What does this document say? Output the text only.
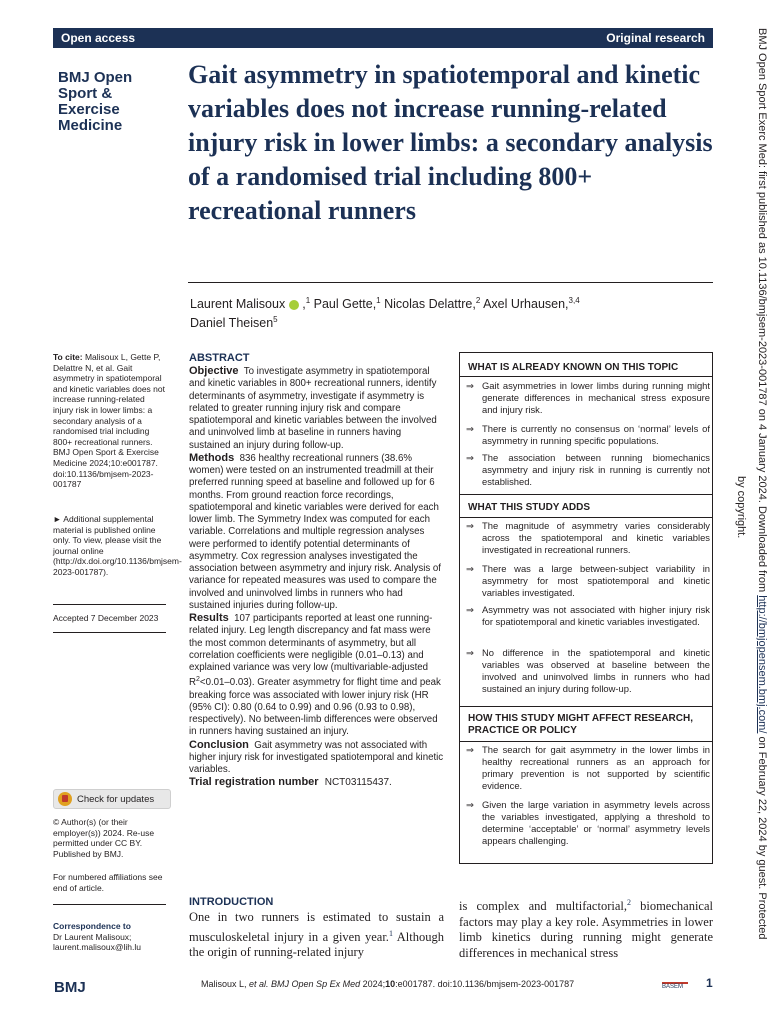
Open access	Original research
BMJ Open
Sport &
Exercise
Medicine
Gait asymmetry in spatiotemporal and kinetic variables does not increase running-related injury risk in lower limbs: a secondary analysis of a randomised trial including 800+ recreational runners
Laurent Malisoux ,$^1$ Paul Gette,$^1$ Nicolas Delattre,$^2$ Axel Urhausen,$^{3,4}$
Daniel Theisen$^5$
To cite: Malisoux L, Gette P, Delattre N, et al. Gait asymmetry in spatiotemporal and kinetic variables does not increase running-related injury risk in lower limbs: a secondary analysis of a randomised trial including 800+ recreational runners. BMJ Open Sport & Exercise Medicine 2024;10:e001787. doi:10.1136/bmjsem-2023-001787
► Additional supplemental material is published online only. To view, please visit the journal online (http://dx.doi.org/10.1136/bmjsem-2023-001787).
Accepted 7 December 2023
Check for updates
© Author(s) (or their employer(s)) 2024. Re-use permitted under CC BY. Published by BMJ.
For numbered affiliations see end of article.
Correspondence to
Dr Laurent Malisoux;
laurent.malisoux@lih.lu
ABSTRACT

Objective To investigate asymmetry in spatiotemporal and kinetic variables in 800+ recreational runners, identify determinants of asymmetry, investigate if asymmetry is related to greater running injury risk and compare spatiotemporal and kinetic variables between the involved and uninvolved limb at baseline in runners having sustained an injury during follow-up.

Methods 836 healthy recreational runners (38.6% women) were tested on an instrumented treadmill at their preferred running speed at baseline and followed up for 6 months. From ground reaction force recordings, spatiotemporal and kinetic variables were derived for each lower limb. The Symmetry Index was computed for each variable. Correlations and multiple regression analyses were performed to identify potential determinants of asymmetry. Cox regression analyses investigated the association between asymmetry and injury risk. Analysis of variance for repeated measures was used to compare the involved and uninvolved limbs in runners who had sustained injuries during follow-up.

Results 107 participants reported at least one running-related injury. Leg length discrepancy and fat mass were the most common determinants of asymmetry, but all correlation coefficients were negligible (0.01–0.13) and explained variance was very low (multivariable-adjusted $R^2<0.01-0.03$). Greater asymmetry for flight time and peak breaking force was associated with lower injury risk (HR (95% CI): 0.80 (0.64 to 0.99) and 0.96 (0.93 to 0.98), respectively). No between-limb differences were observed in runners having sustained an injury.

Conclusion Gait asymmetry was not associated with higher injury risk for investigated spatiotemporal and kinetic variables.

Trial registration number NCT03115437.

WHAT IS ALREADY KNOWN ON THIS TOPIC
⇒ Gait asymmetries in lower limbs during running might generate differences in mechanical stress exposure and injury risk.
⇒ There is currently no consensus on ‘normal’ levels of asymmetry in running specific populations.
⇒ The association between running biomechanics asymmetry and injury risk in running is currently not established.
WHAT THIS STUDY ADDS
⇒ The magnitude of asymmetry varies considerably across the spatiotemporal and kinetic variables investigated in recreational runners.
⇒ There was a large between-subject variability in asymmetry for most spatiotemporal and kinetic variables investigated.
⇒ Asymmetry was not associated with higher injury risk for spatiotemporal and kinetic variables investigated.
⇒ No difference in the spatiotemporal and kinetic variables was observed at baseline between the involved and uninvolved limbs in runners who had sustained an injury during follow-up.
HOW THIS STUDY MIGHT AFFECT RESEARCH,
PRACTICE OR POLICY
⇒ The search for gait asymmetry in the lower limbs in healthy recreational runners as an approach for primary prevention is not supported by scientific evidence.
⇒ Given the large variation in asymmetry levels across the variables investigated, applying a threshold to determine ‘acceptable’ or ‘normal’ asymmetry levels appears challenging.
INTRODUCTION
One in two runners is estimated to sustain a musculoskeletal injury in a given year.$^1$ Although the origin of running-related injury
is complex and multifactorial,$^2$ biomechanical factors may play a key role. Asymmetries in lower limb kinetics during running might generate differences in mechanical stress
BMJ	Malisoux L, et al. BMJ Open Sp Ex Med 2024;10:e001787. doi:10.1136/bmjsem-2023-001787	BASEM	1
BMJ Open Sport Exerc Med: first published as 10.1136/bmjsem-2023-001787 on 4 January 2024. Downloaded from http://bmjopensem.bmj.com/ on February 22, 2024 by guest. Protected
by copyright.
